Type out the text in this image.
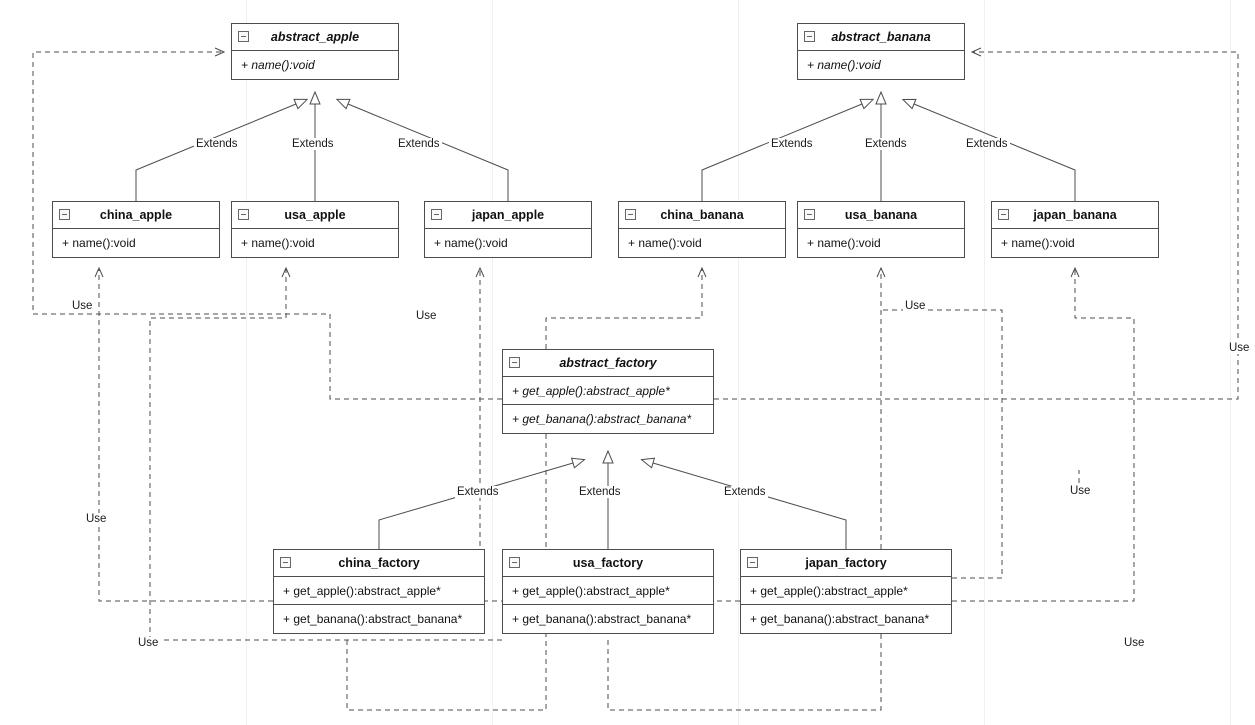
abstract_apple
+ name():void
abstract_banana
+ name():void
china_apple
+ name():void
usa_apple
+ name():void
japan_apple
+ name():void
china_banana
+ name():void
usa_banana
+ name():void
japan_banana
+ name():void
abstract_factory
+ get_apple():abstract_apple*
+ get_banana():abstract_banana*
china_factory
+ get_apple():abstract_apple*
+ get_banana():abstract_banana*
usa_factory
+ get_apple():abstract_apple*
+ get_banana():abstract_banana*
japan_factory
+ get_apple():abstract_apple*
+ get_banana():abstract_banana*
Extends	Extends	Extends	Extends	Extends	Extends
Extends	Extends	Extends
Use
Use
Use
Use
Use
Use
Use	Use
